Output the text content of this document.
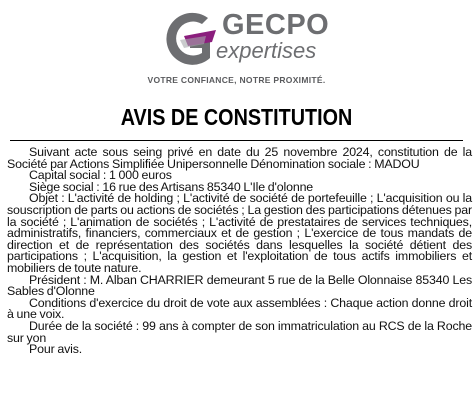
GECPO
expertises
VOTRE CONFIANCE, NOTRE PROXIMITÉ.
AVIS DE CONSTITUTION

Suivant acte sous seing privé en date du 25 novembre 2024, constitution de la Société par Actions Simplifiée Unipersonnelle Dénomination sociale : MADOU

Capital social : 1 000 euros

Siège social : 16 rue des Artisans 85340 L'Ile d'olonne

Objet : L'activité de holding ; L'activité de société de portefeuille ; L'acquisition ou la souscription de parts ou actions de sociétés ; La gestion des participations détenues par la société ; L'animation de sociétés ; L'activité de prestataires de services techniques, administratifs, financiers, commerciaux et de gestion ; L'exercice de tous mandats de direction et de représentation des sociétés dans lesquelles la société détient des participations ; L'acquisition, la gestion et l'exploitation de tous actifs immobiliers et mobiliers de toute nature.

Président : M. Alban CHARRIER demeurant 5 rue de la Belle Olonnaise 85340 Les Sables d'Olonne

Conditions d'exercice du droit de vote aux assemblées : Chaque action donne droit à une voix.

Durée de la société : 99 ans à compter de son immatriculation au RCS de la Roche sur yon

Pour avis.
